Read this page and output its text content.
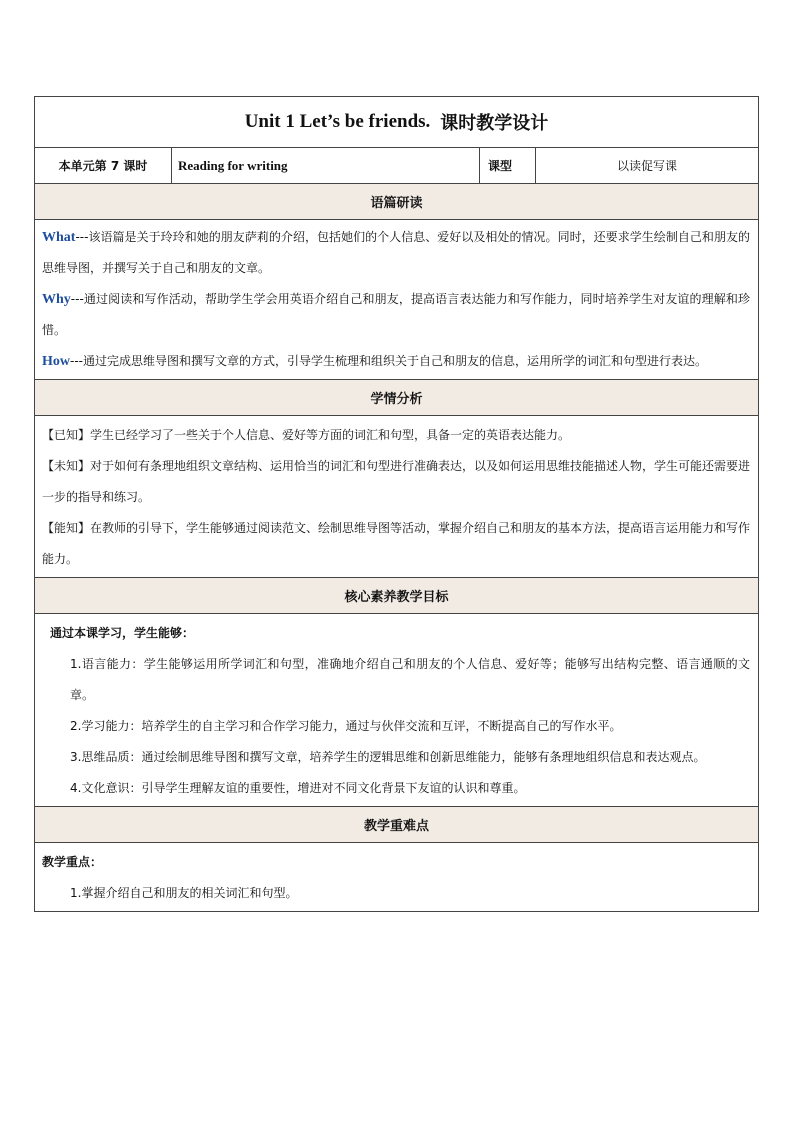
Unit 1 Let’s be friends. 课时教学设计
本单元第 7 课时	Reading for writing	课型	以读促写课
语篇研读

What---该语篇是关于玲玲和她的朋友萨莉的介绍，包括她们的个人信息、爱好以及相处的情况。同时，还要求学生绘制自己和朋友的思维导图，并撰写关于自己和朋友的文章。

Why---通过阅读和写作活动，帮助学生学会用英语介绍自己和朋友，提高语言表达能力和写作能力，同时培养学生对友谊的理解和珍惜。

How---通过完成思维导图和撰写文章的方式，引导学生梳理和组织关于自己和朋友的信息，运用所学的词汇和句型进行表达。

学情分析

【已知】学生已经学习了一些关于个人信息、爱好等方面的词汇和句型，具备一定的英语表达能力。

【未知】对于如何有条理地组织文章结构、运用恰当的词汇和句型进行准确表达，以及如何运用思维技能描述人物，学生可能还需要进一步的指导和练习。

【能知】在教师的引导下，学生能够通过阅读范文、绘制思维导图等活动，掌握介绍自己和朋友的基本方法，提高语言运用能力和写作能力。

核心素养教学目标

通过本课学习，学生能够：

1.语言能力：学生能够运用所学词汇和句型，准确地介绍自己和朋友的个人信息、爱好等；能够写出结构完整、语言通顺的文章。

2.学习能力：培养学生的自主学习和合作学习能力，通过与伙伴交流和互评，不断提高自己的写作水平。

3.思维品质：通过绘制思维导图和撰写文章，培养学生的逻辑思维和创新思维能力，能够有条理地组织信息和表达观点。

4.文化意识：引导学生理解友谊的重要性，增进对不同文化背景下友谊的认识和尊重。

教学重难点

教学重点：

1.掌握介绍自己和朋友的相关词汇和句型。
